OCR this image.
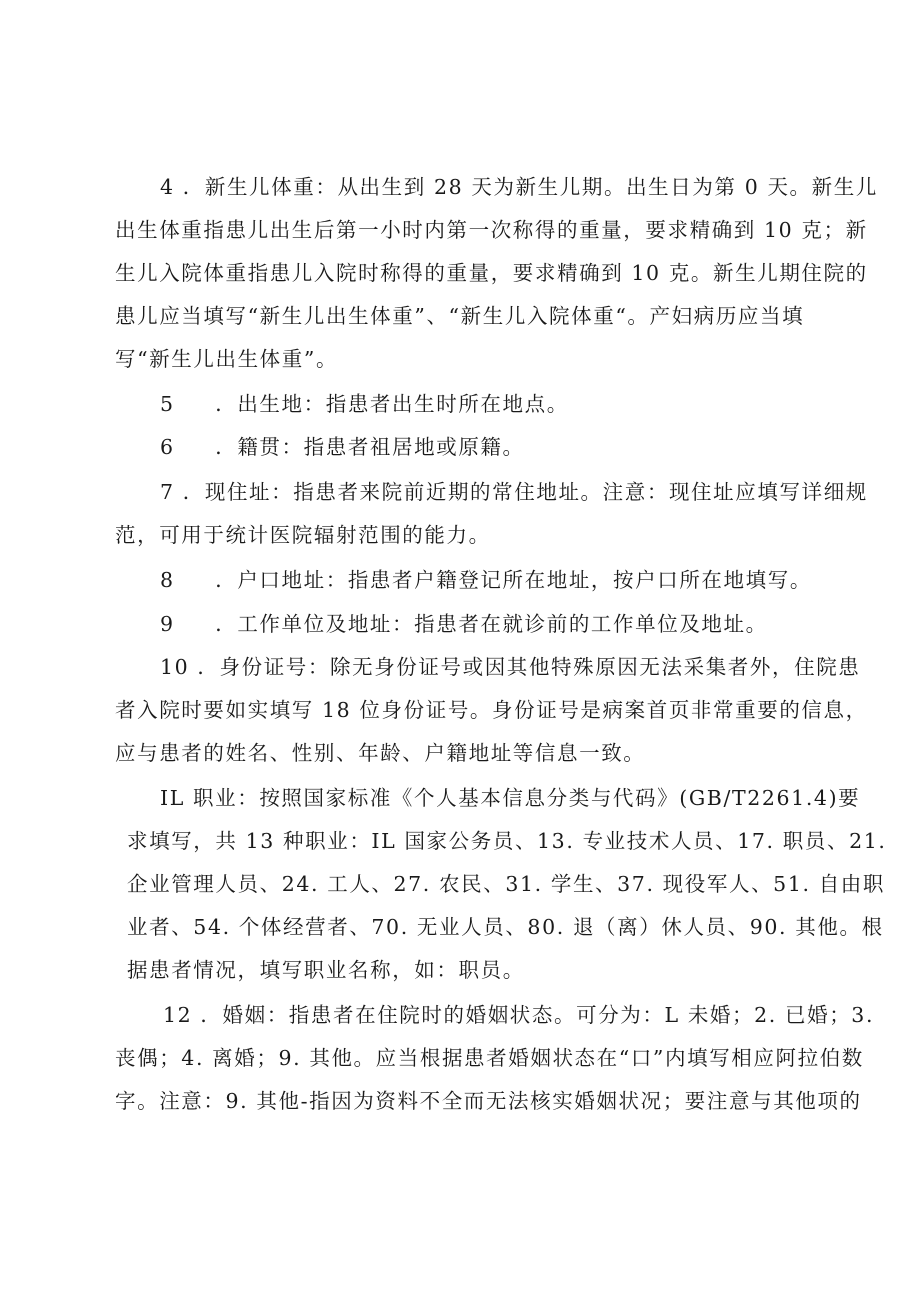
4 ．新生儿体重：从出生到 28 天为新生儿期。出生日为第 0 天。新生儿
出生体重指患儿出生后第一小时内第一次称得的重量，要求精确到 10 克；新
生儿入院体重指患儿入院时称得的重量，要求精确到 10 克。新生儿期住院的
患儿应当填写“新生儿出生体重”、“新生儿入院体重“。产妇病历应当填
写“新生儿出生体重”。
5     ．出生地：指患者出生时所在地点。
6     ．籍贯：指患者祖居地或原籍。
7 ．现住址：指患者来院前近期的常住地址。注意：现住址应填写详细规
范，可用于统计医院辐射范围的能力。
8     ．户口地址：指患者户籍登记所在地址，按户口所在地填写。
9     ．工作单位及地址：指患者在就诊前的工作单位及地址。
10 ．身份证号：除无身份证号或因其他特殊原因无法采集者外，住院患
者入院时要如实填写 18 位身份证号。身份证号是病案首页非常重要的信息，
应与患者的姓名、性别、年龄、户籍地址等信息一致。
IL 职业：按照国家标准《个人基本信息分类与代码》(GB/T2261.4)要
求填写，共 13 种职业：IL 国家公务员、13. 专业技术人员、17. 职员、21.
企业管理人员、24. 工人、27. 农民、31. 学生、37. 现役军人、51. 自由职
业者、54. 个体经营者、70. 无业人员、80. 退（离）休人员、90. 其他。根
据患者情况，填写职业名称，如：职员。
12 ．婚姻：指患者在住院时的婚姻状态。可分为：L 未婚；2. 已婚；3.
丧偶；4. 离婚；9. 其他。应当根据患者婚姻状态在“口”内填写相应阿拉伯数
字。注意：9. 其他-指因为资料不全而无法核实婚姻状况；要注意与其他项的
